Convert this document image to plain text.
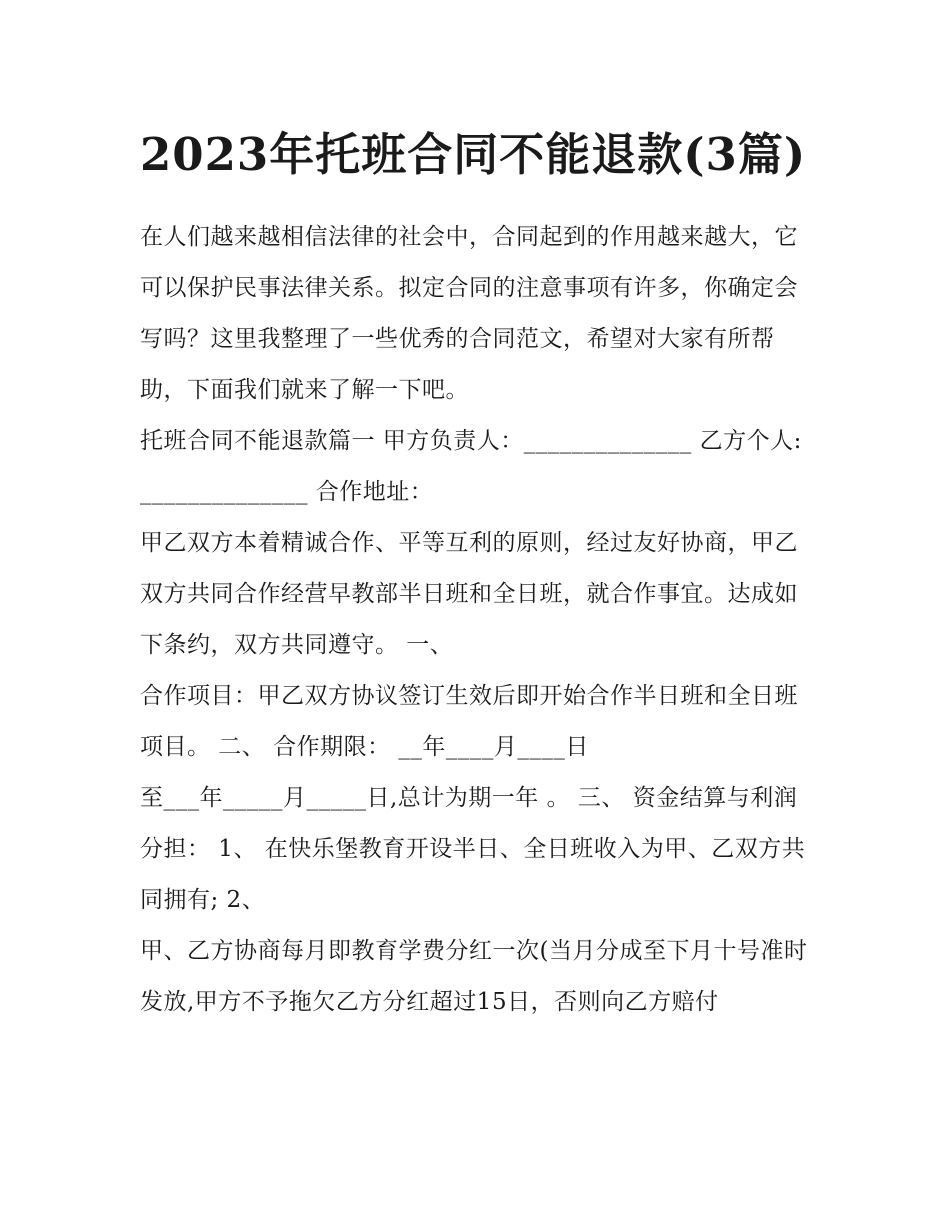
2023年托班合同不能退款(3篇)

在人们越来越相信法律的社会中，合同起到的作用越来越大，它可以保护民事法律关系。拟定合同的注意事项有许多，你确定会写吗？这里我整理了一些优秀的合同范文，希望对大家有所帮助，下面我们就来了解一下吧。

托班合同不能退款篇一 甲方负责人：______________ 乙方个人: ______________ 合作地址：

甲乙双方本着精诚合作、平等互利的原则，经过友好协商，甲乙双方共同合作经营早教部半日班和全日班，就合作事宜。达成如下条约，双方共同遵守。 一、

合作项目：甲乙双方协议签订生效后即开始合作半日班和全日班项目。 二、 合作期限： __年____月____日

至___年_____月_____日,总计为期一年 。 三、 资金结算与利润分担： 1、 在快乐堡教育开设半日、全日班收入为甲、乙双方共同拥有; 2、

甲、乙方协商每月即教育学费分红一次(当月分成至下月十号准时发放,甲方不予拖欠乙方分红超过15日，否则向乙方赔付
